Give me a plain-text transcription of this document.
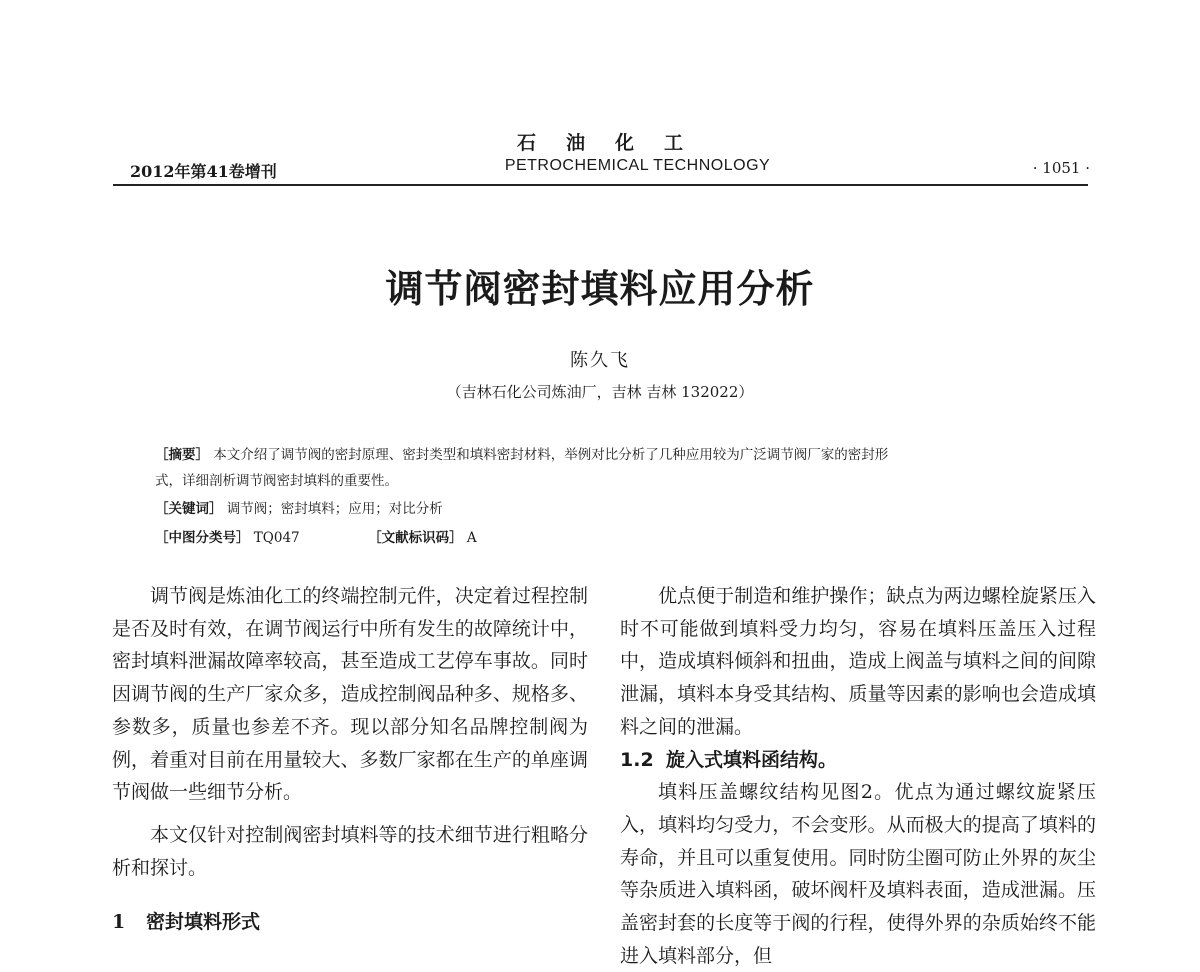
石油化工
2012年第41卷增刊	PETROCHEMICAL TECHNOLOGY	· 1051 ·
调节阀密封填料应用分析
陈久飞
（吉林石化公司炼油厂，吉林 吉林 132022）
［摘要］ 本文介绍了调节阀的密封原理、密封类型和填料密封材料，举例对比分析了几种应用较为广泛调节阀厂家的密封形
式，详细剖析调节阀密封填料的重要性。
［关键词］ 调节阀；密封填料；应用；对比分析
［中图分类号］ TQ047	［文献标识码］ A

调节阀是炼油化工的终端控制元件，决定着过程控制是否及时有效，在调节阀运行中所有发生的故障统计中，密封填料泄漏故障率较高，甚至造成工艺停车事故。同时因调节阀的生产厂家众多，造成控制阀品种多、规格多、参数多，质量也参差不齐。现以部分知名品牌控制阀为例，着重对目前在用量较大、多数厂家都在生产的单座调节阀做一些细节分析。

本文仅针对控制阀密封填料等的技术细节进行粗略分析和探讨。

1 密封填料形式

优点便于制造和维护操作；缺点为两边螺栓旋紧压入时不可能做到填料受力均匀，容易在填料压盖压入过程中，造成填料倾斜和扭曲，造成上阀盖与填料之间的间隙泄漏，填料本身受其结构、质量等因素的影响也会造成填料之间的泄漏。

1.2 旋入式填料函结构。

填料压盖螺纹结构见图2。优点为通过螺纹旋紧压入，填料均匀受力，不会变形。从而极大的提高了填料的寿命，并且可以重复使用。同时防尘圈可防止外界的灰尘等杂质进入填料函，破坏阀杆及填料表面，造成泄漏。压盖密封套的长度等于阀的行程，使得外界的杂质始终不能进入填料部分，但
